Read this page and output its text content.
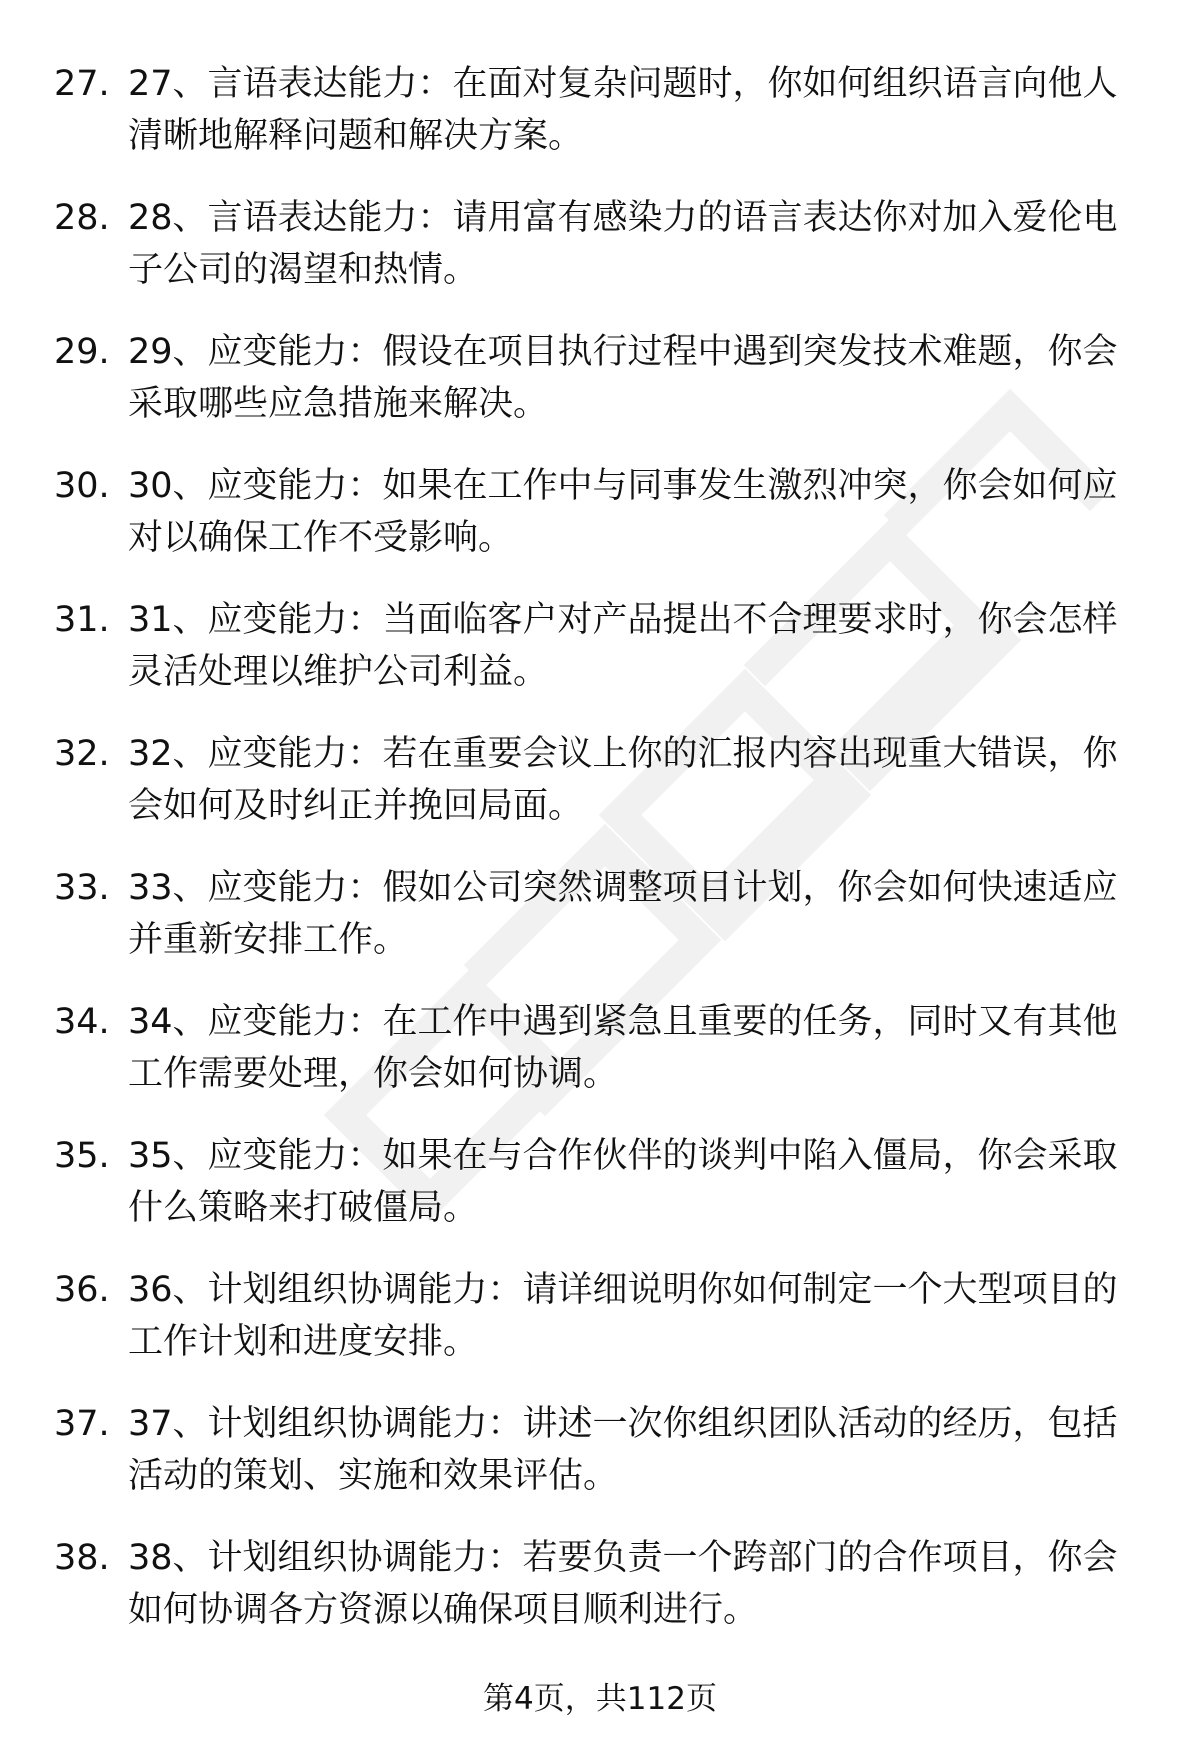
27. 27、言语表达能力：在面对复杂问题时，你如何组织语言向他人清晰地解释问题和解决方案。
28. 28、言语表达能力：请用富有感染力的语言表达你对加入爱伦电子公司的渴望和热情。
29. 29、应变能力：假设在项目执行过程中遇到突发技术难题，你会采取哪些应急措施来解决。
30. 30、应变能力：如果在工作中与同事发生激烈冲突，你会如何应对以确保工作不受影响。
31. 31、应变能力：当面临客户对产品提出不合理要求时，你会怎样灵活处理以维护公司利益。
32. 32、应变能力：若在重要会议上你的汇报内容出现重大错误，你会如何及时纠正并挽回局面。
33. 33、应变能力：假如公司突然调整项目计划，你会如何快速适应并重新安排工作。
34. 34、应变能力：在工作中遇到紧急且重要的任务，同时又有其他工作需要处理，你会如何协调。
35. 35、应变能力：如果在与合作伙伴的谈判中陷入僵局，你会采取什么策略来打破僵局。
36. 36、计划组织协调能力：请详细说明你如何制定一个大型项目的工作计划和进度安排。
37. 37、计划组织协调能力：讲述一次你组织团队活动的经历，包括活动的策划、实施和效果评估。
38. 38、计划组织协调能力：若要负责一个跨部门的合作项目，你会如何协调各方资源以确保项目顺利进行。
第4页，共112页
